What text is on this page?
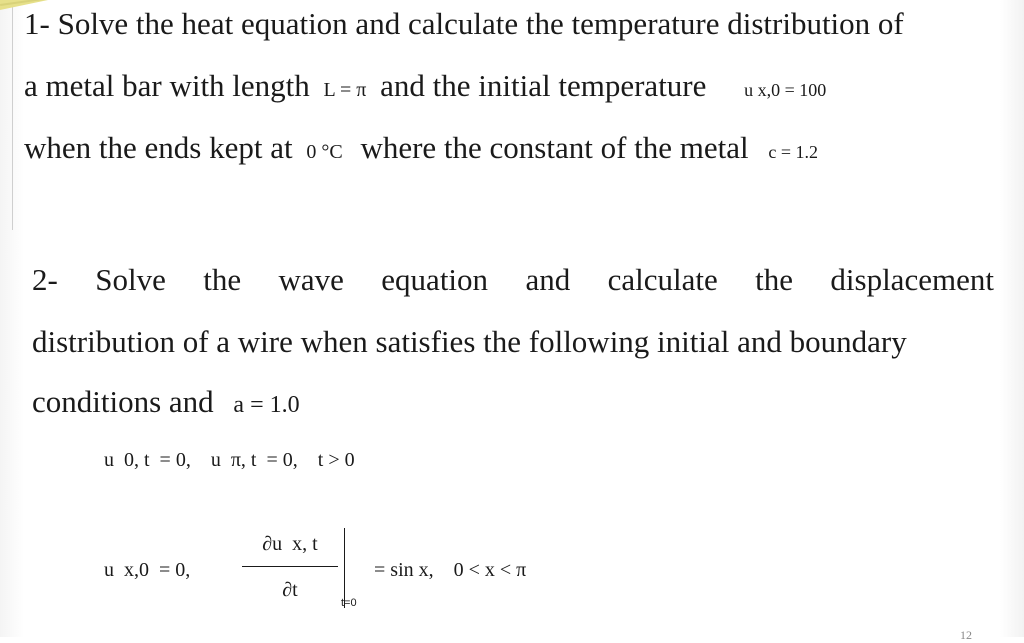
1- Solve the heat equation and calculate the temperature distribution of
a metal bar with length L = π and the initial temperature u x,0 = 100
when the ends kept at 0 °C where the constant of the metal c = 1.2
2- Solve the wave equation and calculate the displacement
distribution of a wire when satisfies the following initial and boundary
conditions and a = 1.0
u  0, t  = 0,    u  π, t  = 0,    t > 0
u  x,0  = 0,
∂u  x, t
∂t
t=0
= sin x,    0 < x < π
12
